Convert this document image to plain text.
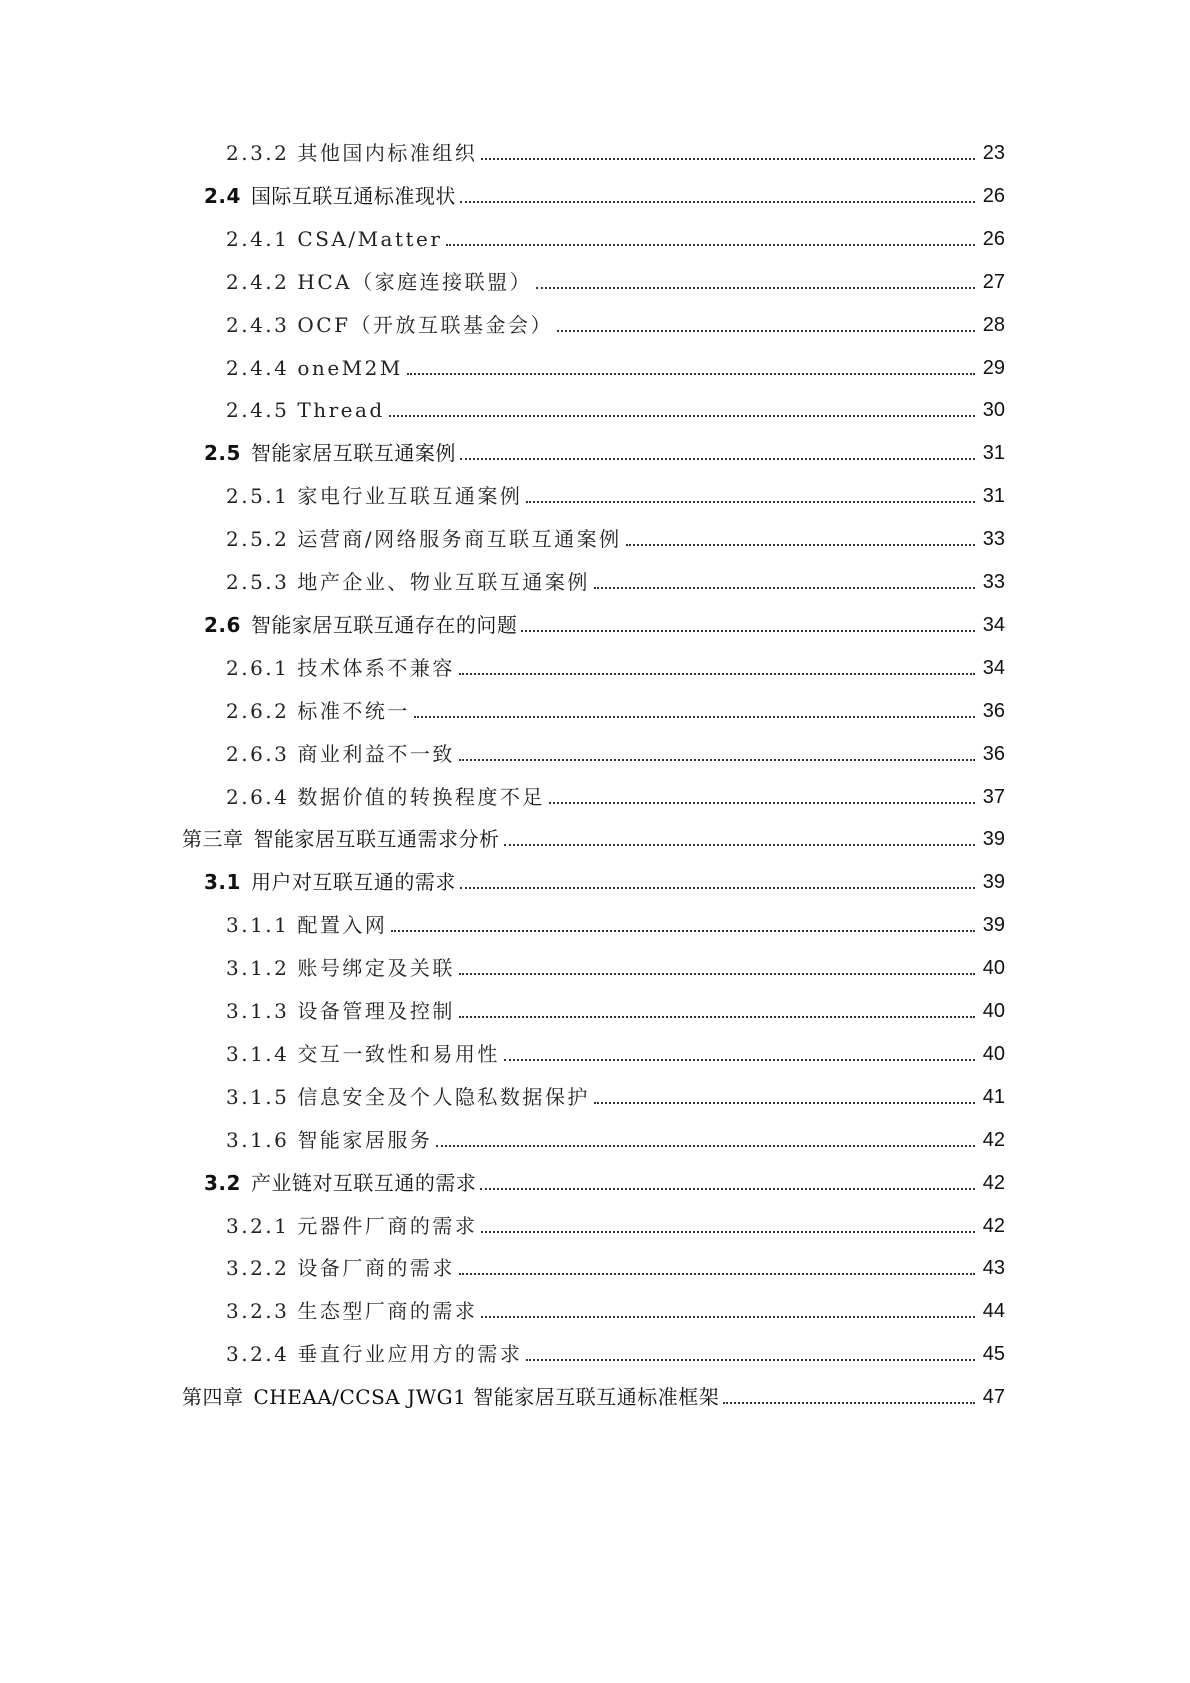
2.3.2 其他国内标准组织	23
2.4 国际互联互通标准现状	26
2.4.1 CSA/Matter	26
2.4.2 HCA（家庭连接联盟）	27
2.4.3 OCF（开放互联基金会）	28
2.4.4 oneM2M	29
2.4.5 Thread	30
2.5 智能家居互联互通案例	31
2.5.1 家电行业互联互通案例	31
2.5.2 运营商/网络服务商互联互通案例	33
2.5.3 地产企业、物业互联互通案例	33
2.6 智能家居互联互通存在的问题	34
2.6.1 技术体系不兼容	34
2.6.2 标准不统一	36
2.6.3 商业利益不一致	36
2.6.4 数据价值的转换程度不足	37
第三章 智能家居互联互通需求分析	39
3.1 用户对互联互通的需求	39
3.1.1 配置入网	39
3.1.2 账号绑定及关联	40
3.1.3 设备管理及控制	40
3.1.4 交互一致性和易用性	40
3.1.5 信息安全及个人隐私数据保护	41
3.1.6 智能家居服务	42
3.2 产业链对互联互通的需求	42
3.2.1 元器件厂商的需求	42
3.2.2 设备厂商的需求	43
3.2.3 生态型厂商的需求	44
3.2.4 垂直行业应用方的需求	45
第四章 CHEAA/CCSA JWG1 智能家居互联互通标准框架	47
